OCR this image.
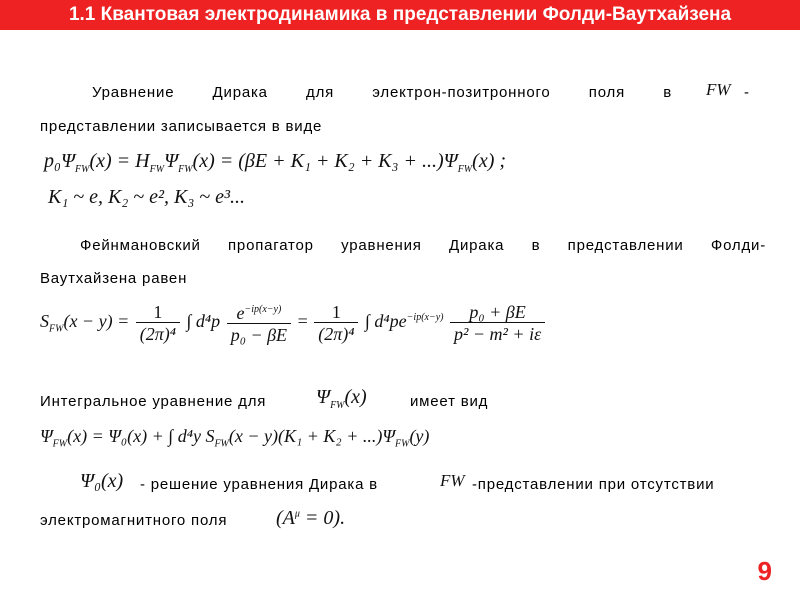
1.1 Квантовая электродинамика в представлении Фолди-Ваутхайзена
Уравнение Дирака для электрон-позитронного поля в FW -
представлении записывается в виде
$p_0\Psi_{FW}(x) = H_{FW}\Psi_{FW}(x) = (\beta E + K_1 + K_2 + K_3 + ...)\Psi_{FW}(x)$ ;
K₁ ~ e, K₂ ~ e², K₃ ~ e³...
Фейнмановский пропагатор уравнения Дирака в представлении Фолди-
Ваутхайзена равен
$S_{FW}(x - y) = \frac{1}{\text{(2π)⁴}}$ ∫ $d^4p \frac{e^{-ip(x-y)}}{\text{p₀ − βE}} = \frac{1}{\text{(2π)⁴}}$ ∫ $d^4pe^{-ip(x-y)} \frac{\text{p₀ + βE}}{\text{p² − m² + iε}}$
Интегральное уравнение для $\Psi_{FW}(x)$	имеет вид
$\Psi_{FW}(x) = \Psi_0(x)$ + ∫ d⁴y $S_{FW}(x - y)(K_1 + K_2 + ...)\Psi_{FW}(y)$
Ψ₀(x) - решение уравнения Дирака в	FW -представлении при отсутствии
электромагнитного поля $(A^\mu = 0)$.
9
